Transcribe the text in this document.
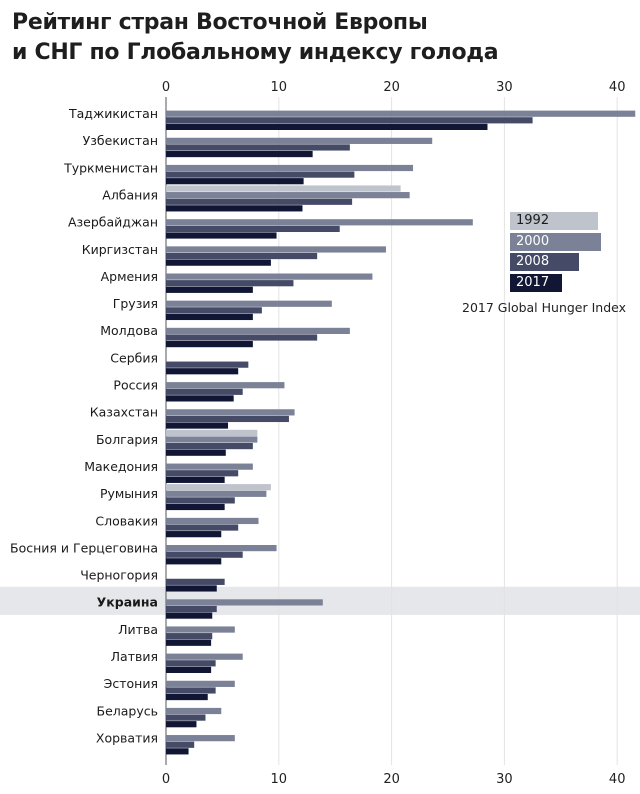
Рейтинг стран Восточной Европы
и СНГ по Глобальному индексу голода
0
0
10
10
20
20
30
30
40
40
Таджикистан
Узбекистан
Туркменистан
Албания
Азербайджан
Киргизстан
Армения
Грузия
Молдова
Сербия
Россия
Казахстан
Болгария
Македония
Румыния
Словакия
Босния и Герцеговина
Черногория
Украина
Литва
Латвия
Эстония
Беларусь
Хорватия
1992
2000
2008
2017
2017 Global Hunger Index
